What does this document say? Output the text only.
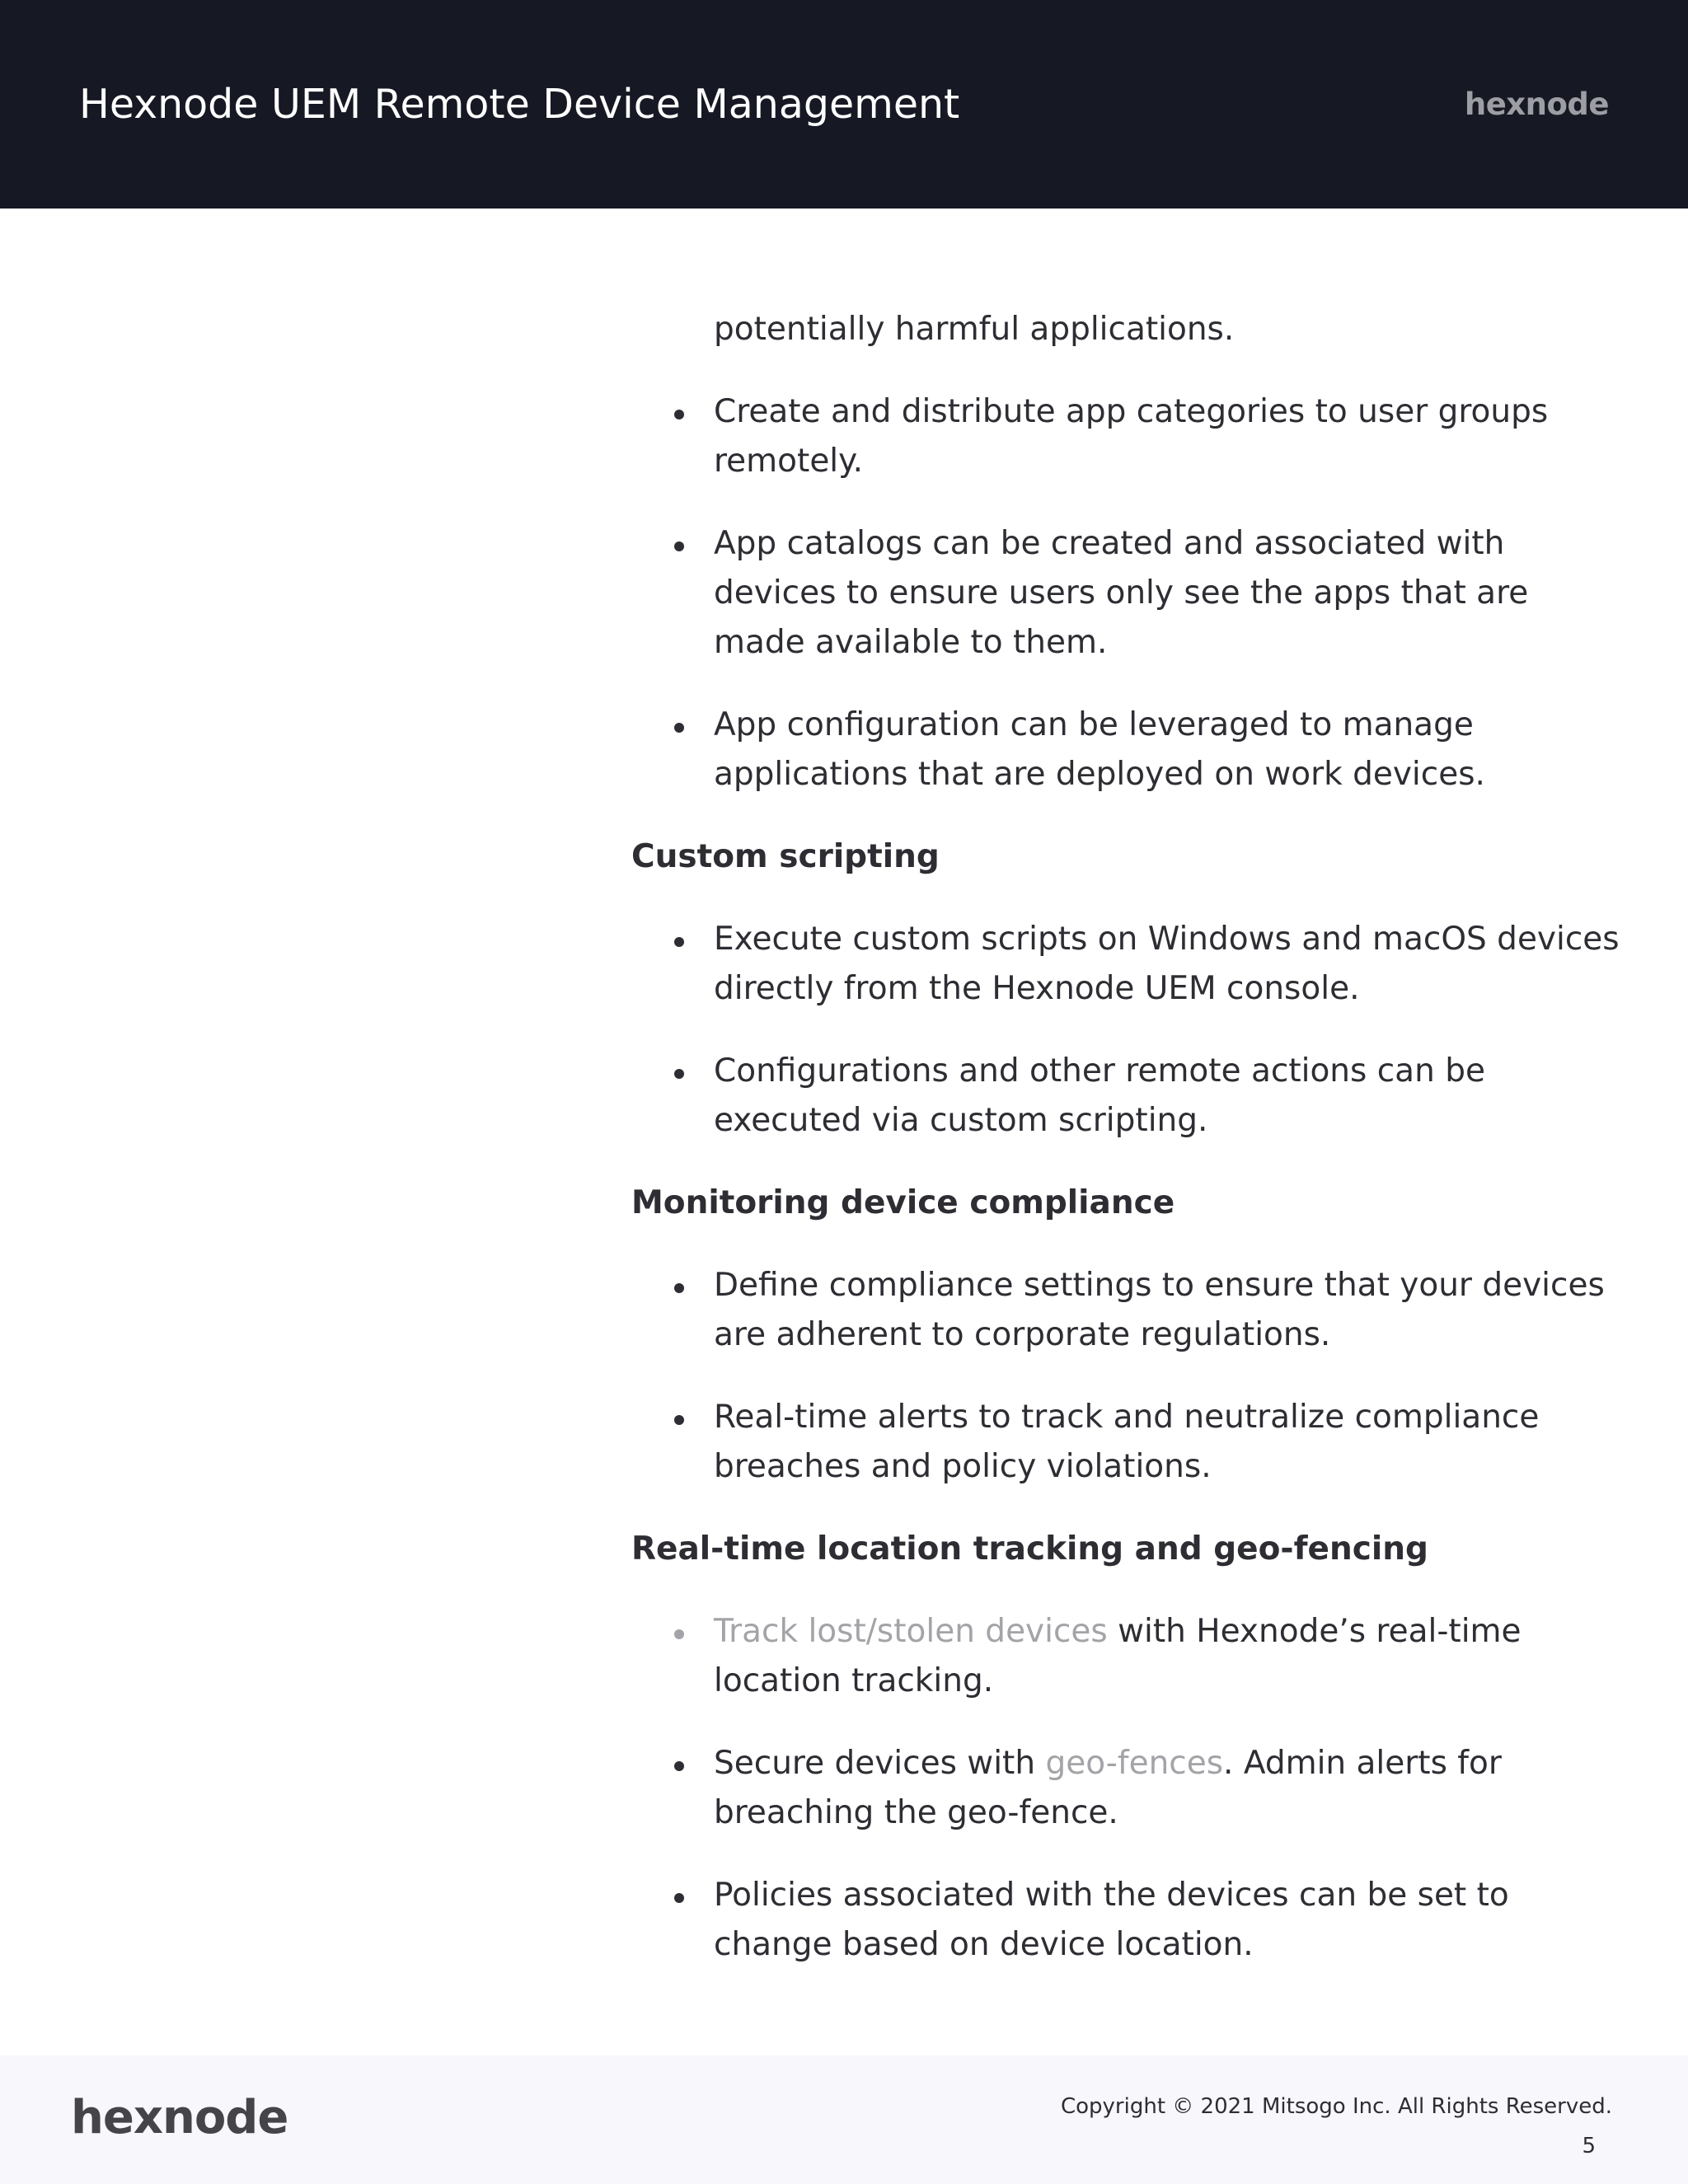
Hexnode UEM Remote Device Management	hexnode
potentially harmful applications.
Create and distribute app categories to user groups remotely.
App catalogs can be created and associated with devices to ensure users only see the apps that are made available to them.
App configuration can be leveraged to manage applications that are deployed on work devices.
Custom scripting
Execute custom scripts on Windows and macOS devices directly from the Hexnode UEM console.
Configurations and other remote actions can be executed via custom scripting.
Monitoring device compliance
Define compliance settings to ensure that your devices are adherent to corporate regulations.
Real-time alerts to track and neutralize compliance breaches and policy violations.
Real-time location tracking and geo-fencing
Track lost/stolen devices with Hexnode’s real-time location tracking.
Secure devices with geo-fences. Admin alerts for breaching the geo-fence.
Policies associated with the devices can be set to change based on device location.
hexnode	Copyright © 2021 Mitsogo Inc. All Rights Reserved.
5
